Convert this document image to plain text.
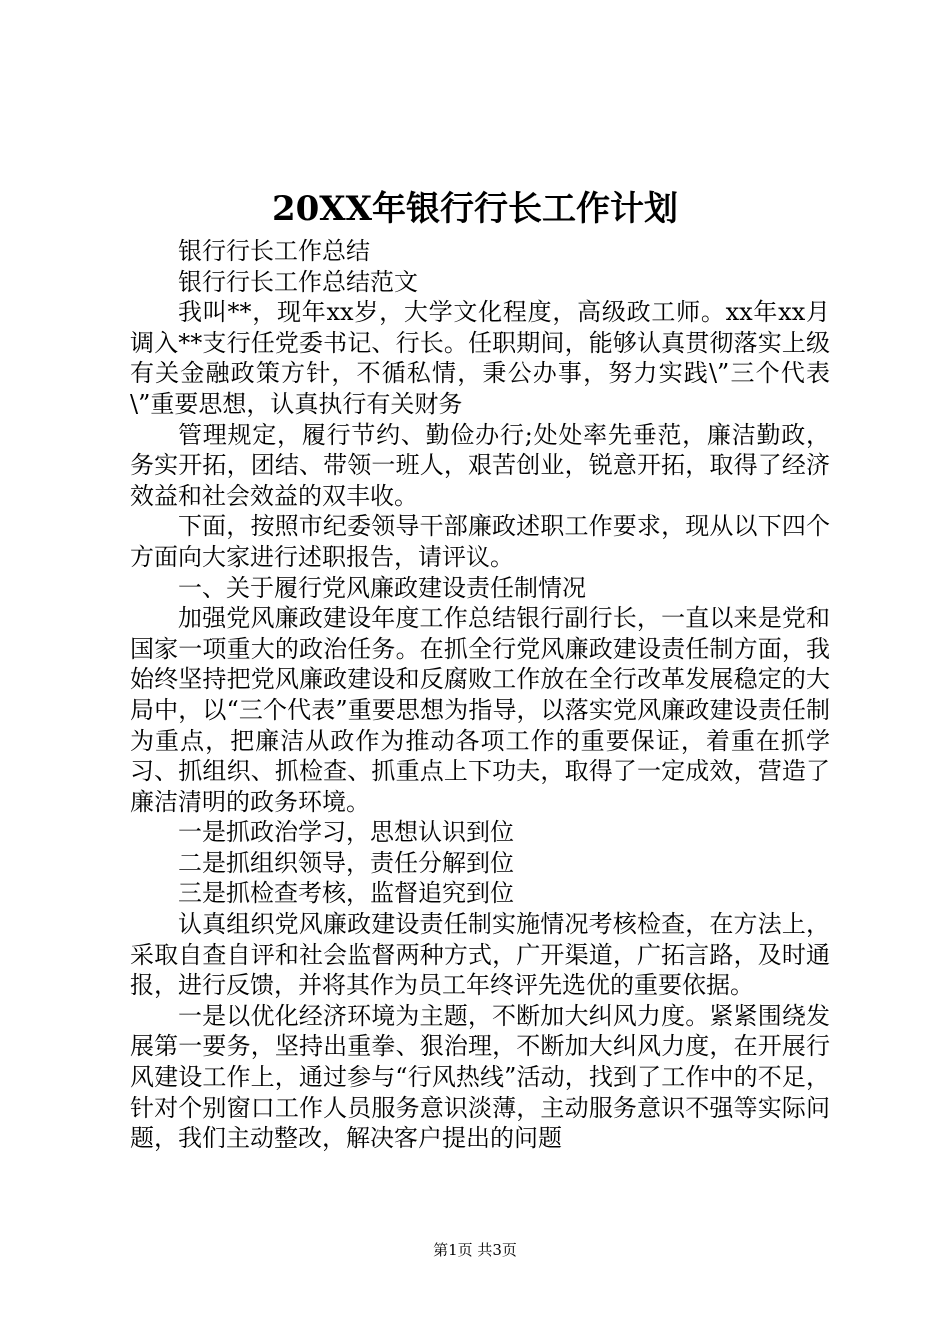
20XX年银行行长工作计划

银行行长工作总结

银行行长工作总结范文

我叫**，现年xx岁，大学文化程度，高级政工师。xx年xx月调入**支行任党委书记、行长。任职期间，能够认真贯彻落实上级有关金融政策方针，不循私情，秉公办事，努力实践\”三个代表\”重要思想，认真执行有关财务

管理规定，履行节约、勤俭办行;处处率先垂范，廉洁勤政，务实开拓，团结、带领一班人，艰苦创业，锐意开拓，取得了经济效益和社会效益的双丰收。

下面，按照市纪委领导干部廉政述职工作要求，现从以下四个方面向大家进行述职报告，请评议。

一、关于履行党风廉政建设责任制情况

加强党风廉政建设年度工作总结银行副行长，一直以来是党和国家一项重大的政治任务。在抓全行党风廉政建设责任制方面，我始终坚持把党风廉政建设和反腐败工作放在全行改革发展稳定的大局中，以“三个代表”重要思想为指导，以落实党风廉政建设责任制为重点，把廉洁从政作为推动各项工作的重要保证，着重在抓学习、抓组织、抓检查、抓重点上下功夫，取得了一定成效，营造了廉洁清明的政务环境。

一是抓政治学习，思想认识到位

二是抓组织领导，责任分解到位

三是抓检查考核，监督追究到位

认真组织党风廉政建设责任制实施情况考核检查，在方法上，采取自查自评和社会监督两种方式，广开渠道，广拓言路，及时通报，进行反馈，并将其作为员工年终评先选优的重要依据。

一是以优化经济环境为主题，不断加大纠风力度。紧紧围绕发展第一要务，坚持出重拳、狠治理，不断加大纠风力度，在开展行风建设工作上，通过参与“行风热线”活动，找到了工作中的不足，针对个别窗口工作人员服务意识淡薄，主动服务意识不强等实际问题，我们主动整改，解决客户提出的问题

第1页 共3页
